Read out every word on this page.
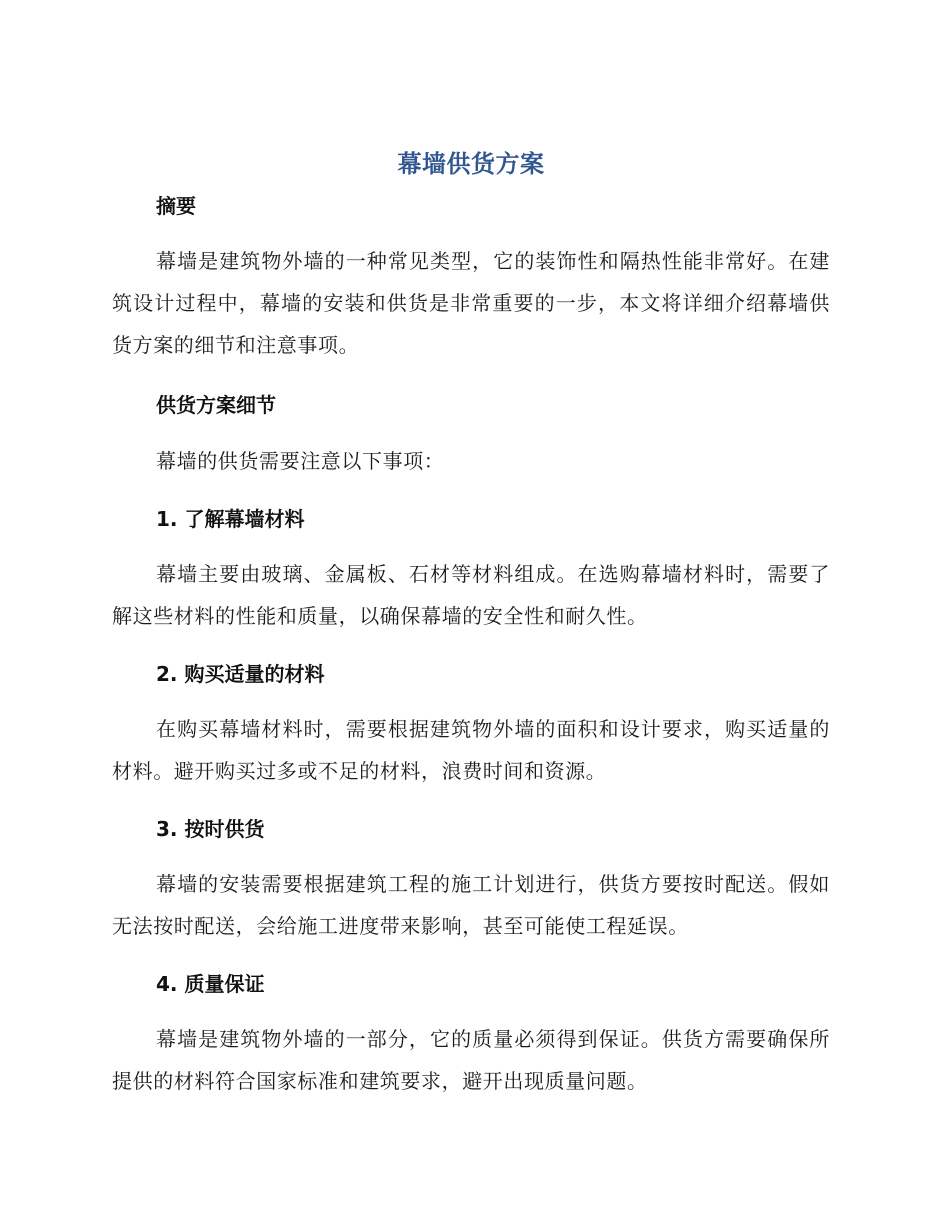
幕墙供货方案
摘要

幕墙是建筑物外墙的一种常见类型，它的装饰性和隔热性能非常好。在建筑设计过程中，幕墙的安装和供货是非常重要的一步，本文将详细介绍幕墙供货方案的细节和注意事项。

供货方案细节

幕墙的供货需要注意以下事项：

1. 了解幕墙材料

幕墙主要由玻璃、金属板、石材等材料组成。在选购幕墙材料时，需要了解这些材料的性能和质量，以确保幕墙的安全性和耐久性。

2. 购买适量的材料

在购买幕墙材料时，需要根据建筑物外墙的面积和设计要求，购买适量的材料。避开购买过多或不足的材料，浪费时间和资源。

3. 按时供货

幕墙的安装需要根据建筑工程的施工计划进行，供货方要按时配送。假如无法按时配送，会给施工进度带来影响，甚至可能使工程延误。

4. 质量保证

幕墙是建筑物外墙的一部分，它的质量必须得到保证。供货方需要确保所提供的材料符合国家标准和建筑要求，避开出现质量问题。
